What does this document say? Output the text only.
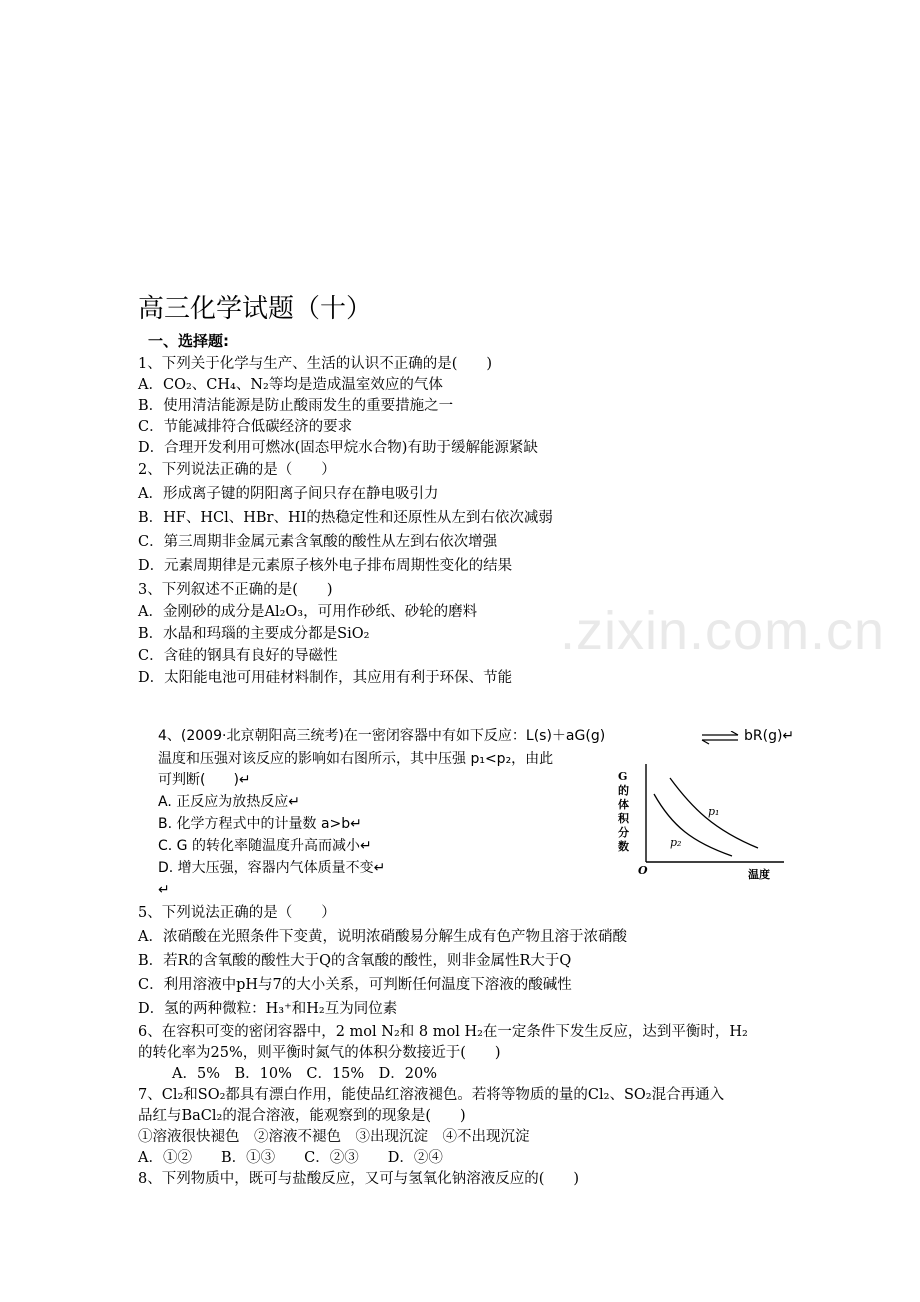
.zixin.com.cn
高三化学试题（十）
一、选择题:
1、下列关于化学与生产、生活的认识不正确的是(　　)
A．CO₂、CH₄、N₂等均是造成温室效应的气体
B．使用清洁能源是防止酸雨发生的重要措施之一
C．节能减排符合低碳经济的要求
D．合理开发利用可燃冰(固态甲烷水合物)有助于缓解能源紧缺
2、下列说法正确的是（　　）
A．形成离子键的阴阳离子间只存在静电吸引力
B．HF、HCl、HBr、HI的热稳定性和还原性从左到右依次减弱
C．第三周期非金属元素含氧酸的酸性从左到右依次增强
D．元素周期律是元素原子核外电子排布周期性变化的结果
3、下列叙述不正确的是(　　)
A．金刚砂的成分是Al₂O₃，可用作砂纸、砂轮的磨料
B．水晶和玛瑙的主要成分都是SiO₂
C．含硅的钢具有良好的导磁性
D．太阳能电池可用硅材料制作，其应用有利于环保、节能
4、(2009·北京朝阳高三统考)在一密闭容器中有如下反应：L(s)＋aG(g)	⇌ bR(g)↵
温度和压强对该反应的影响如右图所示，其中压强 p₁<p₂，由此
可判断(　　)↵
A. 正反应为放热反应↵
B. 化学方程式中的计量数 a>b↵
C. G 的转化率随温度升高而减小↵
D. 增大压强，容器内气体质量不变↵
↵
G的体积分数
p₁
p₂
O	温度
5、下列说法正确的是（　　）
A．浓硝酸在光照条件下变黄，说明浓硝酸易分解生成有色产物且溶于浓硝酸
B．若R的含氧酸的酸性大于Q的含氧酸的酸性，则非金属性R大于Q
C．利用溶液中pH与7的大小关系，可判断任何温度下溶液的酸碱性
D．氢的两种微粒：H₃⁺和H₂互为同位素
6、在容积可变的密闭容器中，2 mol N₂和 8 mol H₂在一定条件下发生反应，达到平衡时，H₂
的转化率为25%，则平衡时氮气的体积分数接近于(　　)
A．5%　B．10%　C．15%　D．20%
7、Cl₂和SO₂都具有漂白作用，能使品红溶液褪色。若将等物质的量的Cl₂、SO₂混合再通入
品红与BaCl₂的混合溶液，能观察到的现象是(　　)
①溶液很快褪色　②溶液不褪色　③出现沉淀　④不出现沉淀
A．①②　　B．①③　　C．②③　　D．②④
8、下列物质中，既可与盐酸反应，又可与氢氧化钠溶液反应的(　　)
